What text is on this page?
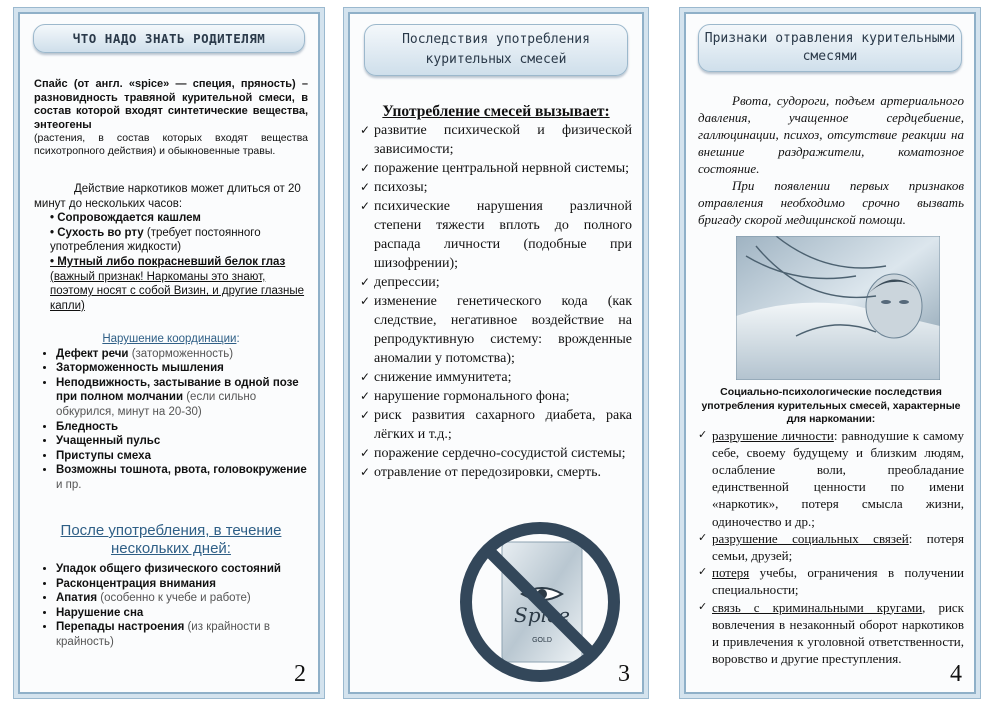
ЧТО НАДО ЗНАТЬ РОДИТЕЛЯМ
Спайс (от англ. «spice» — специя, пряность) – разновидность травяной курительной смеси, в состав которой входят синтетические вещества, энтеогены
(растения, в состав которых входят вещества психотропного действия) и обыкновенные травы.
Действие наркотиков может длиться от 20 минут до нескольких часов:
• Сопровождается кашлем
• Сухость во рту (требует постоянного употребления жидкости)
• Мутный либо покрасневший белок глаз (важный признак! Наркоманы это знают, поэтому носят с собой Визин, и другие глазные капли)
Нарушение координации:
• Дефект речи (заторможенность)
• Заторможенность мышления
• Неподвижность, застывание в одной позе при полном молчании (если сильно обкурился, минут на 20-30)
• Бледность
• Учащенный пульс
• Приступы смеха
• Возможны тошнота, рвота, головокружение и пр.
После употребления, в течение нескольких дней:
• Упадок общего физического состояний
• Расконцентрация внимания
• Апатия (особенно к учебе и работе)
• Нарушение сна
• Перепады настроения (из крайности в крайность)
2
Последствия употребления курительных смесей
Употребление смесей вызывает:
✓ развитие психической и физической зависимости;
✓ поражение центральной нервной системы;
✓ психозы;
✓ психические нарушения различной степени тяжести вплоть до полного распада личности (подобные при шизофрении);
✓ депрессии;
✓ изменение генетического кода (как следствие, негативное воздействие на репродуктивную систему: врожденные аномалии у потомства);
✓ снижение иммунитета;
✓ нарушение гормонального фона;
✓ риск развития сахарного диабета, рака лёгких и т.д.;
✓ поражение сердечно-сосудистой системы;
✓ отравление от передозировки, смерть.
Spice
GOLD
3
Признаки отравления курительными смесями
Рвота, судороги, подъем артериального давления, учащенное сердцебиение, галлюцинации, психоз, отсутствие реакции на внешние раздражители, коматозное состояние.
При появлении первых признаков отравления необходимо срочно вызвать бригаду скорой медицинской помощи.
Социально-психологические последствия употребления курительных смесей, характерные для наркомании:
✓ разрушение личности: равнодушие к самому себе, своему будущему и близким людям, ослабление воли, преобладание единственной ценности по имени «наркотик», потеря смысла жизни, одиночество и др.;
✓ разрушение социальных связей: потеря семьи, друзей;
✓ потеря учебы, ограничения в получении специальности;
✓ связь с криминальными кругами, риск вовлечения в незаконный оборот наркотиков и привлечения к уголовной ответственности, воровство и другие преступления.
4
